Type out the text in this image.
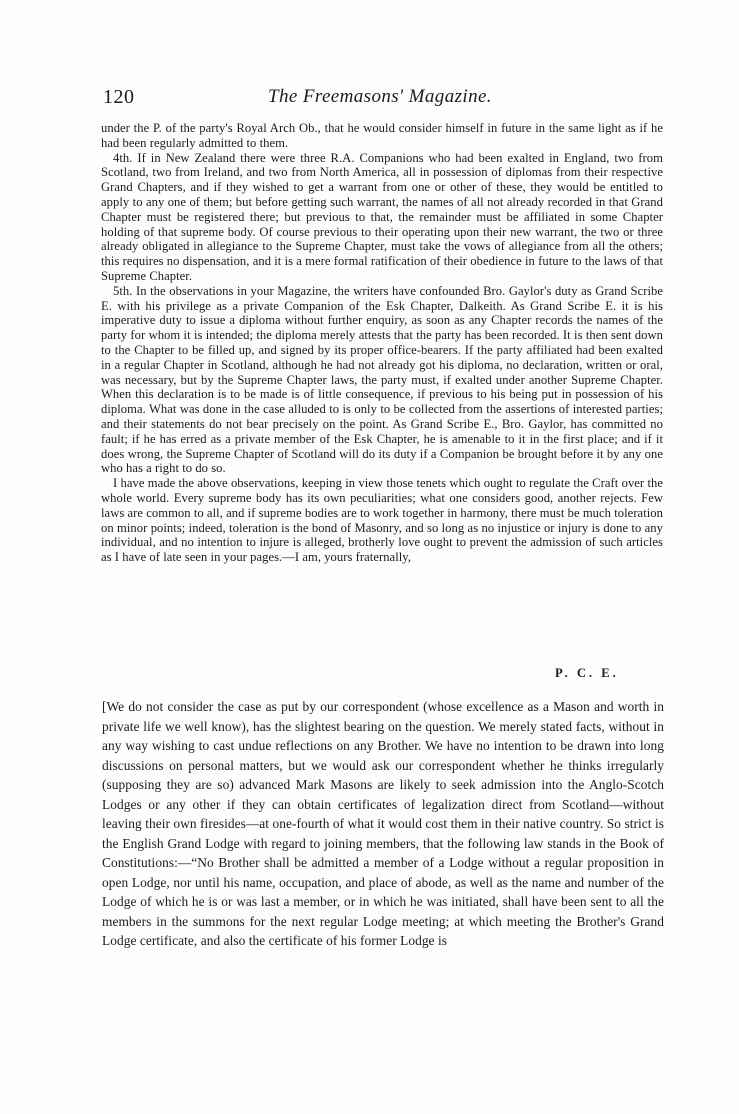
120	The Freemasons' Magazine.

under the P. of the party's Royal Arch Ob., that he would consider himself in future in the same light as if he had been regularly admitted to them.

4th. If in New Zealand there were three R.A. Companions who had been exalted in England, two from Scotland, two from Ireland, and two from North America, all in possession of diplomas from their respective Grand Chapters, and if they wished to get a warrant from one or other of these, they would be entitled to apply to any one of them; but before getting such warrant, the names of all not already recorded in that Grand Chapter must be registered there; but previous to that, the remainder must be affiliated in some Chapter holding of that supreme body. Of course previous to their operating upon their new warrant, the two or three already obligated in allegiance to the Supreme Chapter, must take the vows of allegiance from all the others; this requires no dispensation, and it is a mere formal ratification of their obedience in future to the laws of that Supreme Chapter.

5th. In the observations in your Magazine, the writers have confounded Bro. Gaylor's duty as Grand Scribe E. with his privilege as a private Companion of the Esk Chapter, Dalkeith. As Grand Scribe E. it is his imperative duty to issue a diploma without further enquiry, as soon as any Chapter records the names of the party for whom it is intended; the diploma merely attests that the party has been recorded. It is then sent down to the Chapter to be filled up, and signed by its proper office-bearers. If the party affiliated had been exalted in a regular Chapter in Scotland, although he had not already got his diploma, no declaration, written or oral, was necessary, but by the Supreme Chapter laws, the party must, if exalted under another Supreme Chapter. When this declaration is to be made is of little consequence, if previous to his being put in possession of his diploma. What was done in the case alluded to is only to be collected from the assertions of interested parties; and their statements do not bear precisely on the point. As Grand Scribe E., Bro. Gaylor, has committed no fault; if he has erred as a private member of the Esk Chapter, he is amenable to it in the first place; and if it does wrong, the Supreme Chapter of Scotland will do its duty if a Companion be brought before it by any one who has a right to do so.

I have made the above observations, keeping in view those tenets which ought to regulate the Craft over the whole world. Every supreme body has its own peculiarities; what one considers good, another rejects. Few laws are common to all, and if supreme bodies are to work together in harmony, there must be much toleration on minor points; indeed, toleration is the bond of Masonry, and so long as no injustice or injury is done to any individual, and no intention to injure is alleged, brotherly love ought to prevent the admission of such articles as I have of late seen in your pages.—I am, yours fraternally,

P. C. E.

[We do not consider the case as put by our correspondent (whose excellence as a Mason and worth in private life we well know), has the slightest bearing on the question. We merely stated facts, without in any way wishing to cast undue reflections on any Brother. We have no intention to be drawn into long discussions on personal matters, but we would ask our correspondent whether he thinks irregularly (supposing they are so) advanced Mark Masons are likely to seek admission into the Anglo-Scotch Lodges or any other if they can obtain certificates of legalization direct from Scotland—without leaving their own firesides—at one-fourth of what it would cost them in their native country. So strict is the English Grand Lodge with regard to joining members, that the following law stands in the Book of Constitutions:—“No Brother shall be admitted a member of a Lodge without a regular proposition in open Lodge, nor until his name, occupation, and place of abode, as well as the name and number of the Lodge of which he is or was last a member, or in which he was initiated, shall have been sent to all the members in the summons for the next regular Lodge meeting; at which meeting the Brother's Grand Lodge certificate, and also the certificate of his former Lodge is
